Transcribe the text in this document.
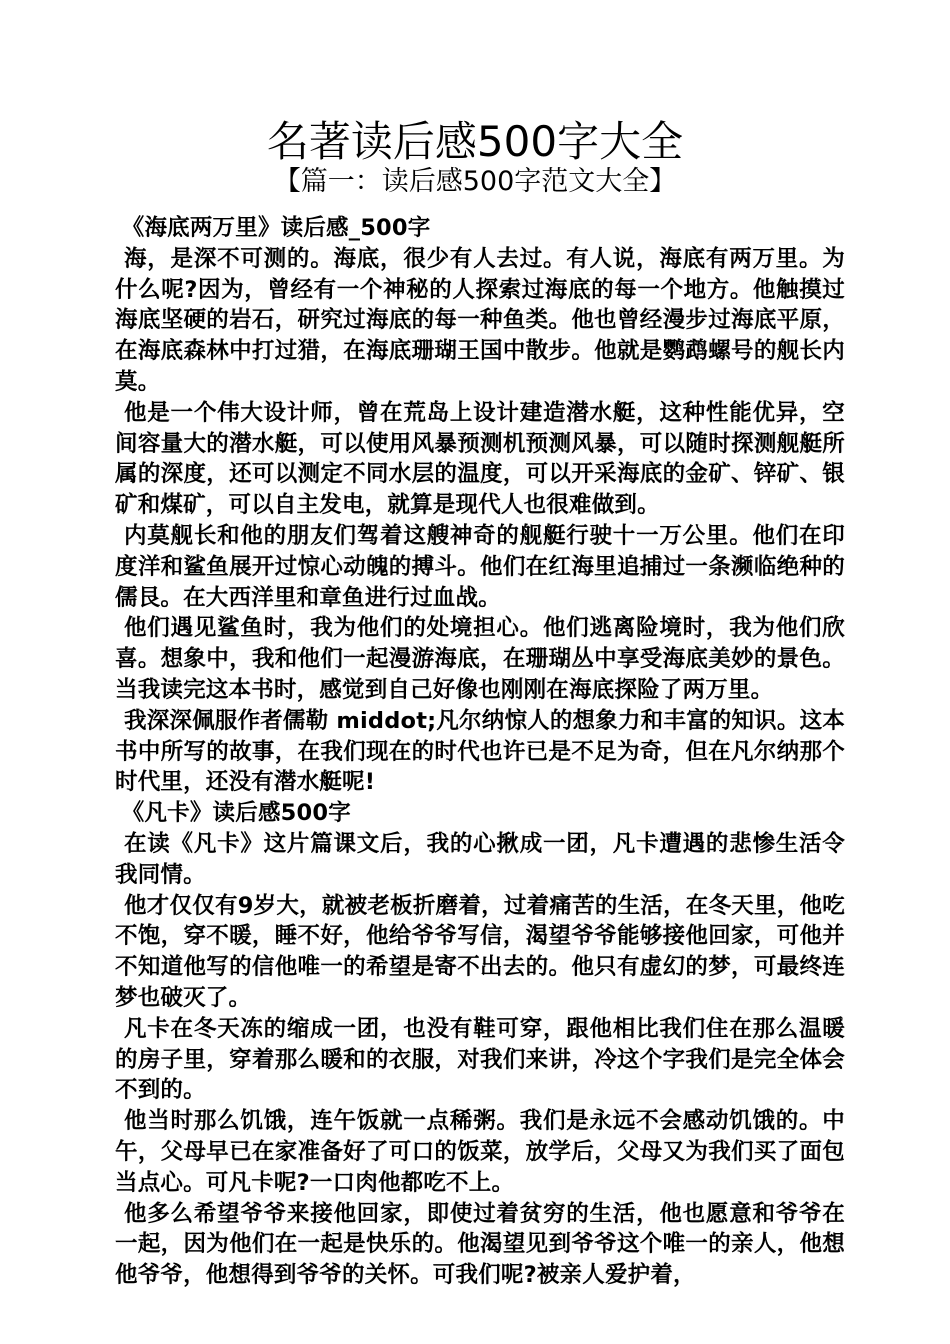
名著读后感500字大全
【篇一：读后感500字范文大全】

《海底两万里》读后感_500字

海，是深不可测的。海底，很少有人去过。有人说，海底有两万里。为什么呢?因为，曾经有一个神秘的人探索过海底的每一个地方。他触摸过海底坚硬的岩石，研究过海底的每一种鱼类。他也曾经漫步过海底平原，在海底森林中打过猎，在海底珊瑚王国中散步。他就是鹦鹉螺号的舰长内莫。

他是一个伟大设计师，曾在荒岛上设计建造潜水艇，这种性能优异，空间容量大的潜水艇，可以使用风暴预测机预测风暴，可以随时探测舰艇所属的深度，还可以测定不同水层的温度，可以开采海底的金矿、锌矿、银矿和煤矿，可以自主发电，就算是现代人也很难做到。

内莫舰长和他的朋友们驾着这艘神奇的舰艇行驶十一万公里。他们在印度洋和鲨鱼展开过惊心动魄的搏斗。他们在红海里追捕过一条濒临绝种的儒艮。在大西洋里和章鱼进行过血战。

他们遇见鲨鱼时，我为他们的处境担心。他们逃离险境时，我为他们欣喜。想象中，我和他们一起漫游海底，在珊瑚丛中享受海底美妙的景色。当我读完这本书时，感觉到自己好像也刚刚在海底探险了两万里。

我深深佩服作者儒勒 middot;凡尔纳惊人的想象力和丰富的知识。这本书中所写的故事，在我们现在的时代也许已是不足为奇，但在凡尔纳那个时代里，还没有潜水艇呢!

《凡卡》读后感500字

在读《凡卡》这片篇课文后，我的心揪成一团，凡卡遭遇的悲惨生活令我同情。

他才仅仅有9岁大，就被老板折磨着，过着痛苦的生活，在冬天里，他吃不饱，穿不暖，睡不好，他给爷爷写信，渴望爷爷能够接他回家，可他并不知道他写的信他唯一的希望是寄不出去的。他只有虚幻的梦，可最终连梦也破灭了。

凡卡在冬天冻的缩成一团，也没有鞋可穿，跟他相比我们住在那么温暖的房子里，穿着那么暖和的衣服，对我们来讲，冷这个字我们是完全体会不到的。

他当时那么饥饿，连午饭就一点稀粥。我们是永远不会感动饥饿的。中午，父母早已在家准备好了可口的饭菜，放学后，父母又为我们买了面包当点心。可凡卡呢?一口肉他都吃不上。

他多么希望爷爷来接他回家，即使过着贫穷的生活，他也愿意和爷爷在一起，因为他们在一起是快乐的。他渴望见到爷爷这个唯一的亲人，他想他爷爷，他想得到爷爷的关怀。可我们呢?被亲人爱护着，
